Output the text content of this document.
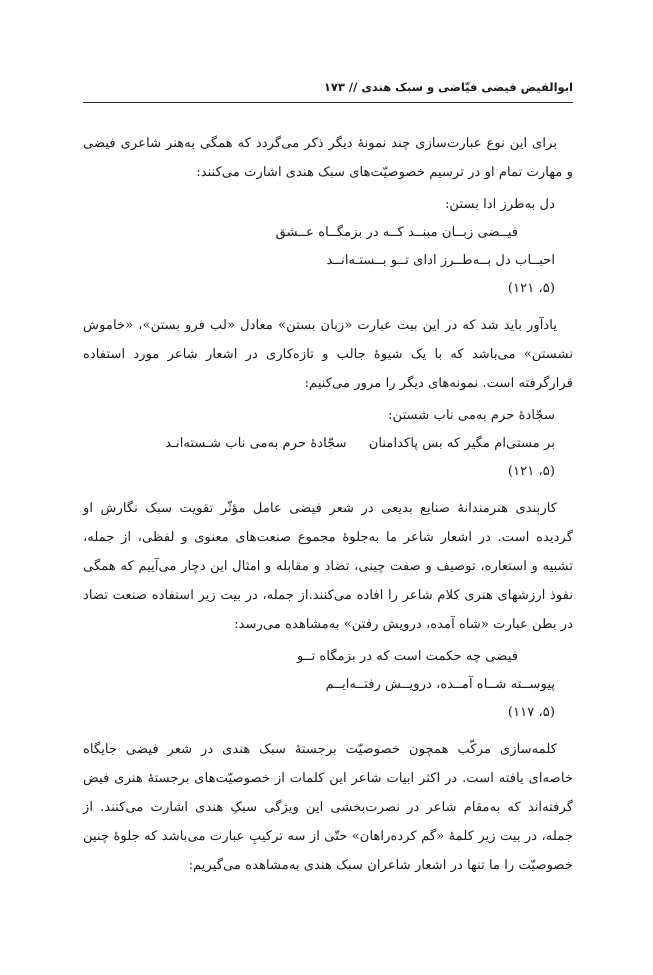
ابوالفیض فیضی فیّاضی و سبک هندی // ۱۷۳

برای این نوع عبارت‌سازی چند نمونهٔ دیگر ذکر می‌گردد که همگی به‌هنر شاعری فیضی و مهارت تمام او در ترسیم خصوصیّت‌های سبک هندی اشارت می‌کنند:

دل به‌طرز ادا بستن:

فیــضی زبــان مبنــد کــه در بزمگــاه عــشق

احبــاب دل بــه‌طــرز ادای تــو بــستـه‌انــد

(۵، ۱۲۱)

یادآور باید شد که در این بیت عبارت «زبان بستن» معادل «لب فرو بستن»، «خاموش نشستن» می‌باشد که با یک شیوهٔ جالب و تازه‌کاری در اشعار شاعر مورد استفاده قرارگرفته است. نمونه‌های دیگر را مرور می‌کنیم:

سجّادهٔ حرم به‌می ناب شستن:

بر مستی‌ام مگیر که بس پاکدامنان
سجّادهٔ حرم به‌می ناب شـسته‌انـد

(۵، ۱۲۱)

کاربندی هنرمندانهٔ صنایع بدیعی در شعر فیضی عامل مؤثّر تقویت سبک نگارش او گردیده است. در اشعار شاعر ما به‌جلوهٔ مجموع صنعت‌های معنوی و لفظی، از جمله، تشبیه و استعاره، توصیف و صفت چینی، تضاد و مقابله و امثال این دچار می‌آییم که همگی نفوذ ارزشهای هنری کلام شاعر را افاده می‌کنند.از جمله، در بیت زیر استفاده صنعت تضاد در بطن عبارت «شاه آمده، درویش رفتن» به‌مشاهده می‌رسد:

فیضی چه حکمت است که در بزمگاه تــو

پیوســته شــاه آمــده، درویــش رفتــه‌ایــم

(۵، ۱۱۷)

کلمه‌سازی مرکّب همچون خصوصیّت برجستهٔ سبک هندی در شعر فیضی جایگاه خاصه‌ای یافته است. در اکثر ابیات شاعر این کلمات از خصوصیّت‌های برجستهٔ هنری فیض گرفته‌اند که به‌مقام شاعر در نصرت‌بخشی این ویژگی سبکِ هندی اشارت می‌کنند. از جمله، در بیت زیر کلمهٔ «گم کرده‌راهان» حتّی از سه ترکیبِ عبارت می‌باشد که جلوهٔ چنین خصوصیّت را ما تنها در اشعار شاعران سبک هندی به‌مشاهده می‌گیریم:
